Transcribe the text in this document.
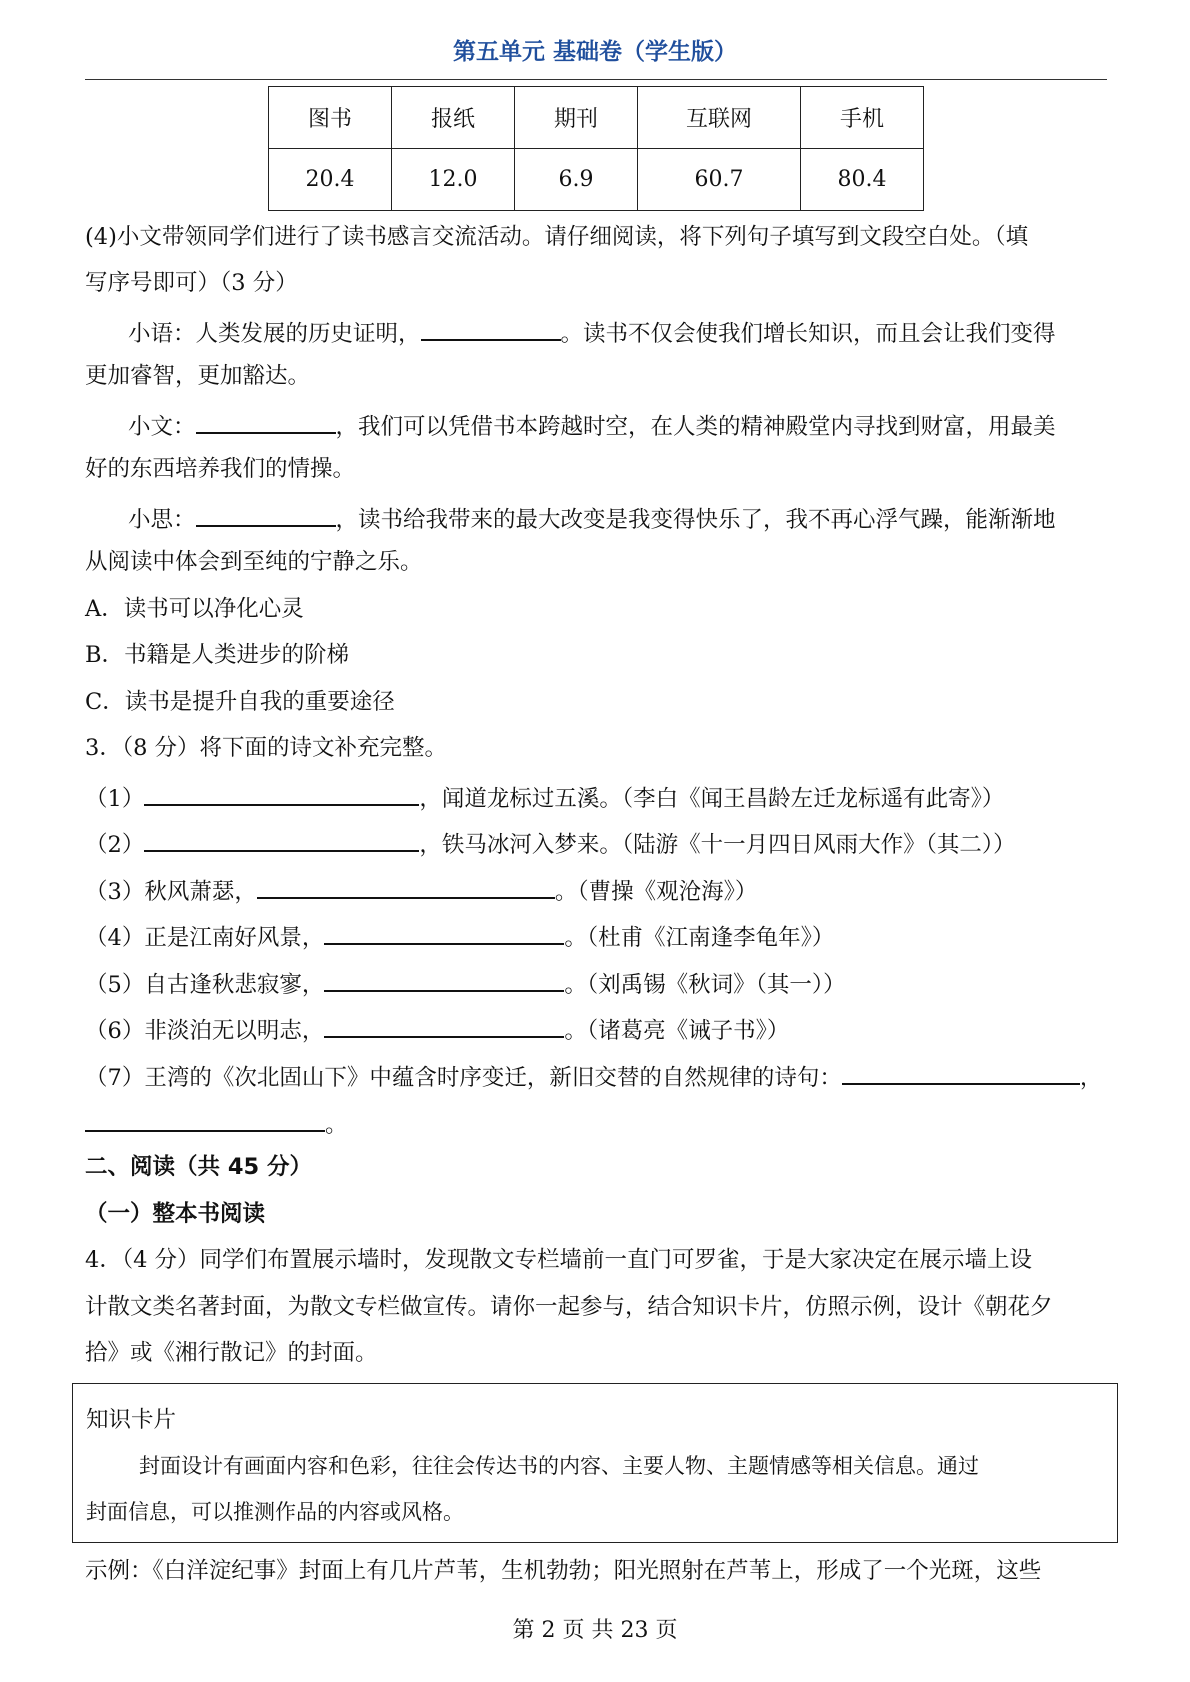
第五单元 基础卷（学生版）
图书	报纸	期刊	互联网	手机
20.4	12.0	6.9	60.7	80.4
(4)小文带领同学们进行了读书感言交流活动。请仔细阅读，将下列句子填写到文段空白处。（填
写序号即可）（3 分）
小语：人类发展的历史证明，	。读书不仅会使我们增长知识，而且会让我们变得
更加睿智，更加豁达。
小文：	，我们可以凭借书本跨越时空，在人类的精神殿堂内寻找到财富，用最美
好的东西培养我们的情操。
小思：	，读书给我带来的最大改变是我变得快乐了，我不再心浮气躁，能渐渐地
从阅读中体会到至纯的宁静之乐。
A．读书可以净化心灵
B．书籍是人类进步的阶梯
C．读书是提升自我的重要途径
3．（8 分）将下面的诗文补充完整。
（1）	，闻道龙标过五溪。（李白《闻王昌龄左迁龙标遥有此寄》）
（2）	，铁马冰河入梦来。（陆游《十一月四日风雨大作》（其二））
（3）秋风萧瑟，	。（曹操《观沧海》）
（4）正是江南好风景，	。（杜甫《江南逢李龟年》）
（5）自古逢秋悲寂寥，	。（刘禹锡《秋词》（其一））
（6）非淡泊无以明志，	。（诸葛亮《诫子书》）
（7）王湾的《次北固山下》中蕴含时序变迁，新旧交替的自然规律的诗句：	，
。
二、阅读（共 45 分）
（一）整本书阅读
4．（4 分）同学们布置展示墙时，发现散文专栏墙前一直门可罗雀，于是大家决定在展示墙上设
计散文类名著封面，为散文专栏做宣传。请你一起参与，结合知识卡片，仿照示例，设计《朝花夕
拾》或《湘行散记》的封面。
知识卡片
封面设计有画面内容和色彩，往往会传达书的内容、主要人物、主题情感等相关信息。通过
封面信息，可以推测作品的内容或风格。
示例：《白洋淀纪事》封面上有几片芦苇，生机勃勃；阳光照射在芦苇上，形成了一个光斑，这些
第 2 页 共 23 页
